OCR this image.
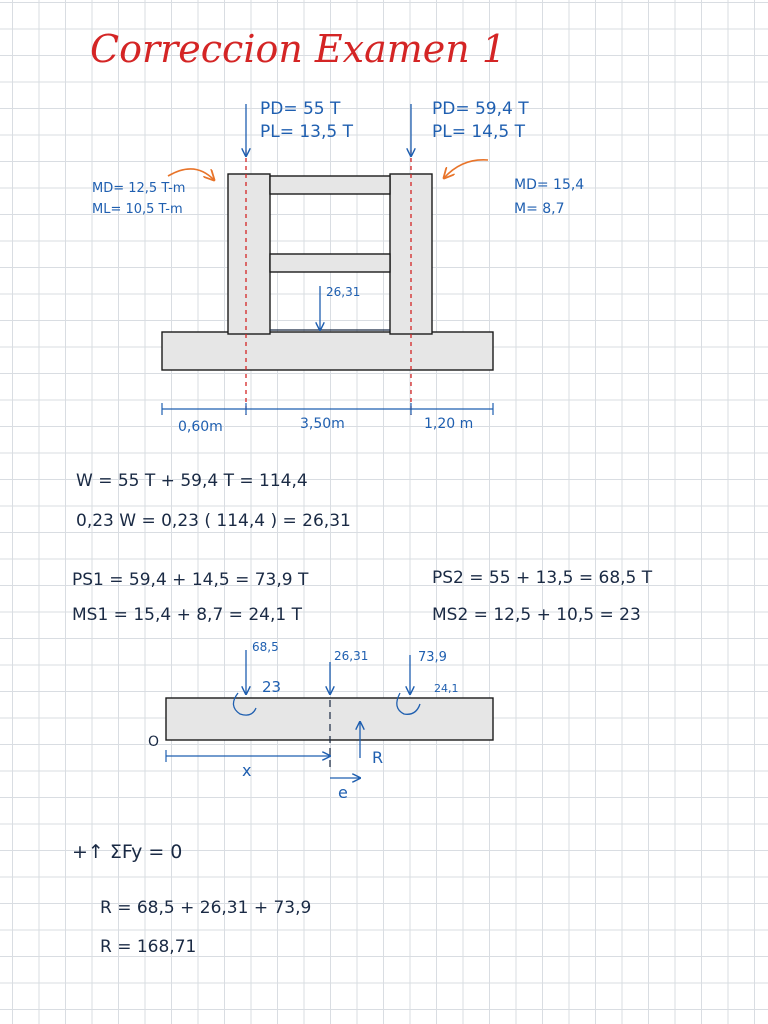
Correccion Examen 1
PD= 55 T
PL= 13,5 T
PD= 59,4 T
PL= 14,5 T
MD= 12,5 T-m
ML= 10,5 T-m
MD= 15,4
M= 8,7
26,31
0,60m	3,50m	1,20 m
W = 55 T + 59,4 T = 114,4
0,23 W = 0,23 ( 114,4 ) = 26,31
PS1 = 59,4 + 14,5 = 73,9 T
MS1 = 15,4 + 8,7 = 24,1 T
PS2 = 55 + 13,5 = 68,5 T
MS2 = 12,5 + 10,5 = 23
68,5
23
26,31	73,9
24,1
R
O
x
e
+↑ ΣFy = 0
R = 68,5 + 26,31 + 73,9
R = 168,71
